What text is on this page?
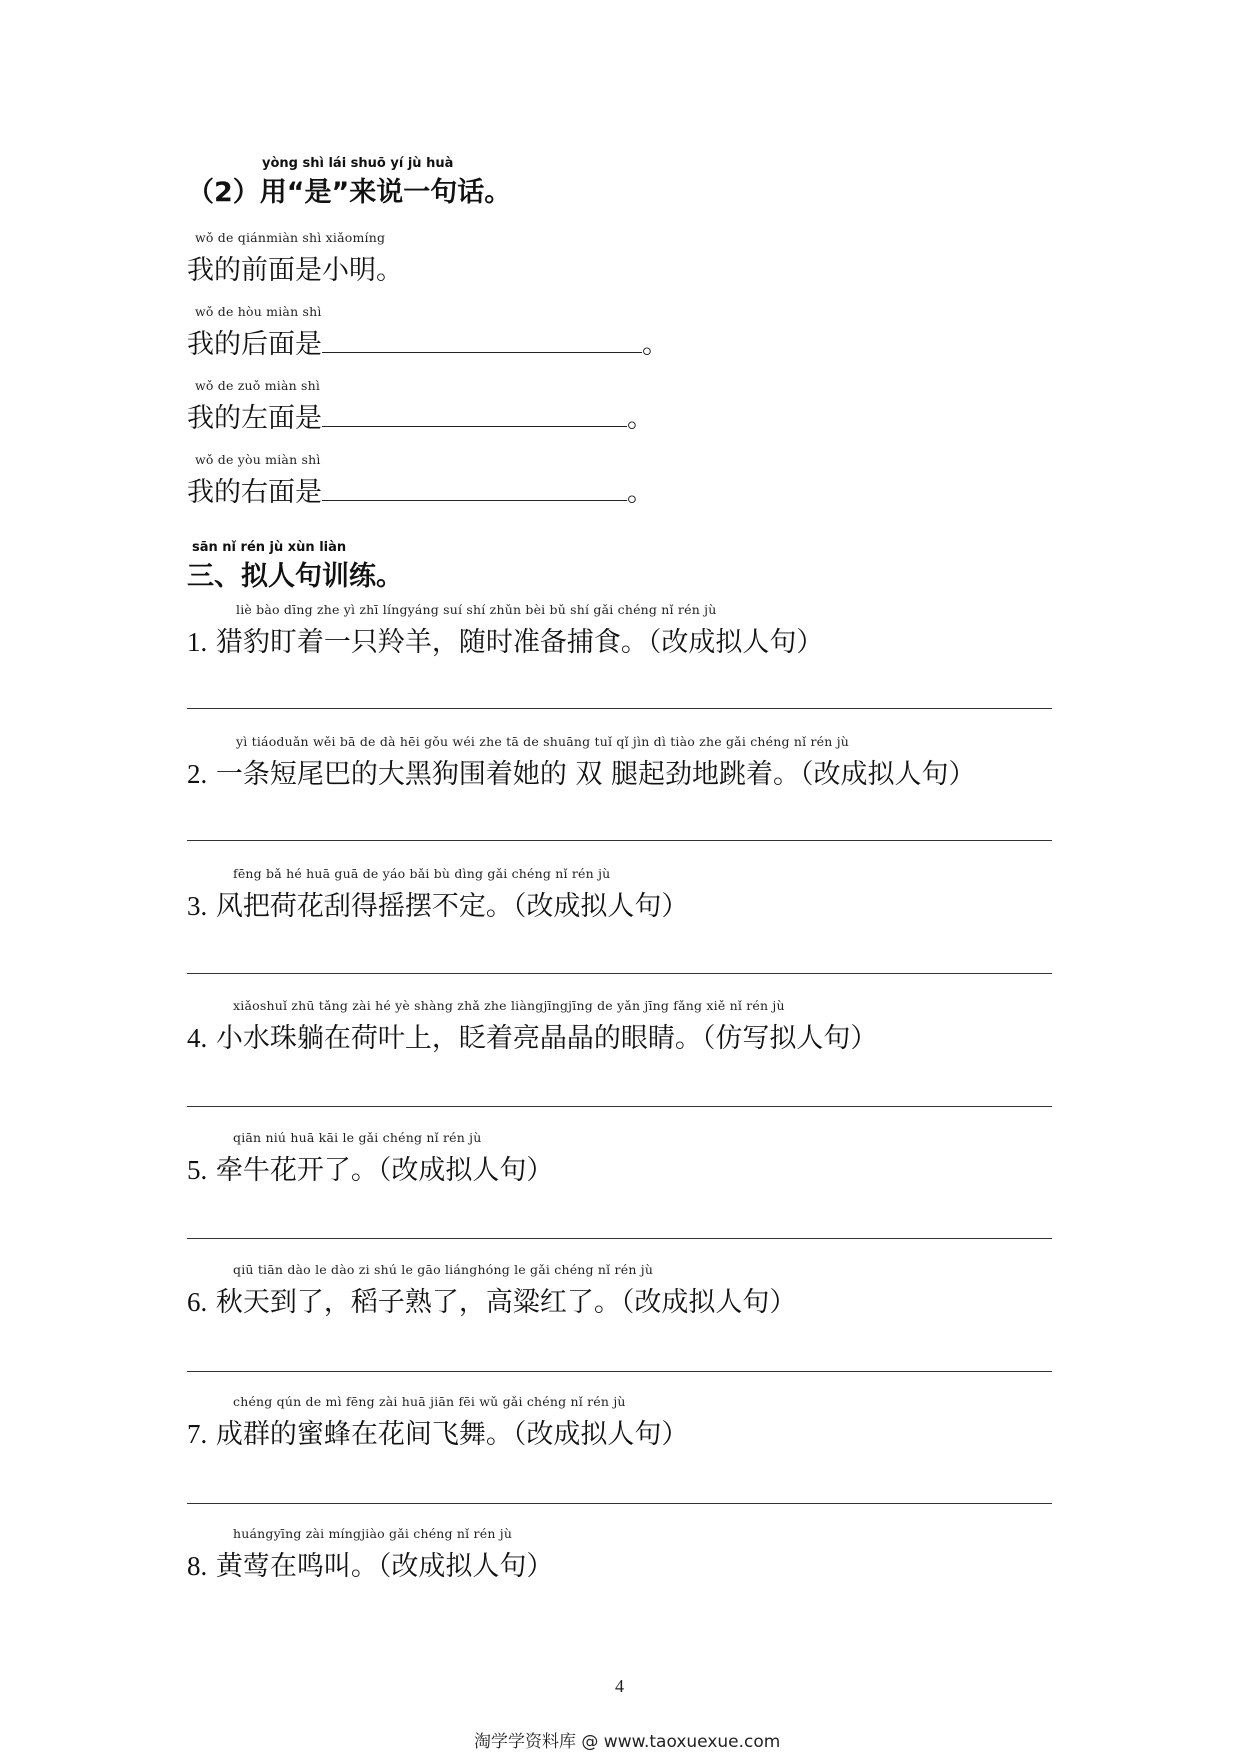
yòng shì lái shuō yí jù huà
（2）用“是”来说一句话。
wǒ de qiánmiàn shì xiǎomíng
我的前面是小明。
wǒ de hòu miàn shì
我的后面是	。
wǒ de zuǒ miàn shì
我的左面是	。
wǒ de yòu miàn shì
我的右面是	。
sān nǐ rén jù xùn liàn
三、拟人句训练。
liè bào dīng zhe yì zhī língyáng suí shí zhǔn bèi bǔ shí gǎi chéng nǐ rén jù
1. 猎豹盯着一只羚羊，随时准备捕食。（改成拟人句）
yì tiáoduǎn wěi bā de dà hēi gǒu wéi zhe tā de shuāng tuǐ qǐ jìn dì tiào zhe gǎi chéng nǐ rén jù
2. 一条短尾巴的大黑狗围着她的 双 腿起劲地跳着。（改成拟人句）
fēng bǎ hé huā guā de yáo bǎi bù dìng gǎi chéng nǐ rén jù
3. 风把荷花刮得摇摆不定。（改成拟人句）
xiǎoshuǐ zhū tǎng zài hé yè shàng zhǎ zhe liàngjīngjīng de yǎn jīng fǎng xiě nǐ rén jù
4. 小水珠躺在荷叶上，眨着亮晶晶的眼睛。（仿写拟人句）
qiān niú huā kāi le gǎi chéng nǐ rén jù
5. 牵牛花开了。（改成拟人句）
qiū tiān dào le dào zi shú le gāo liánghóng le gǎi chéng nǐ rén jù
6. 秋天到了，稻子熟了，高粱红了。（改成拟人句）
chéng qún de mì fēng zài huā jiān fēi wǔ gǎi chéng nǐ rén jù
7. 成群的蜜蜂在花间飞舞。（改成拟人句）
huángyīng zài míngjiào gǎi chéng nǐ rén jù
8. 黄莺在鸣叫。（改成拟人句）
4
淘学学资料库 @ www.taoxuexue.com
